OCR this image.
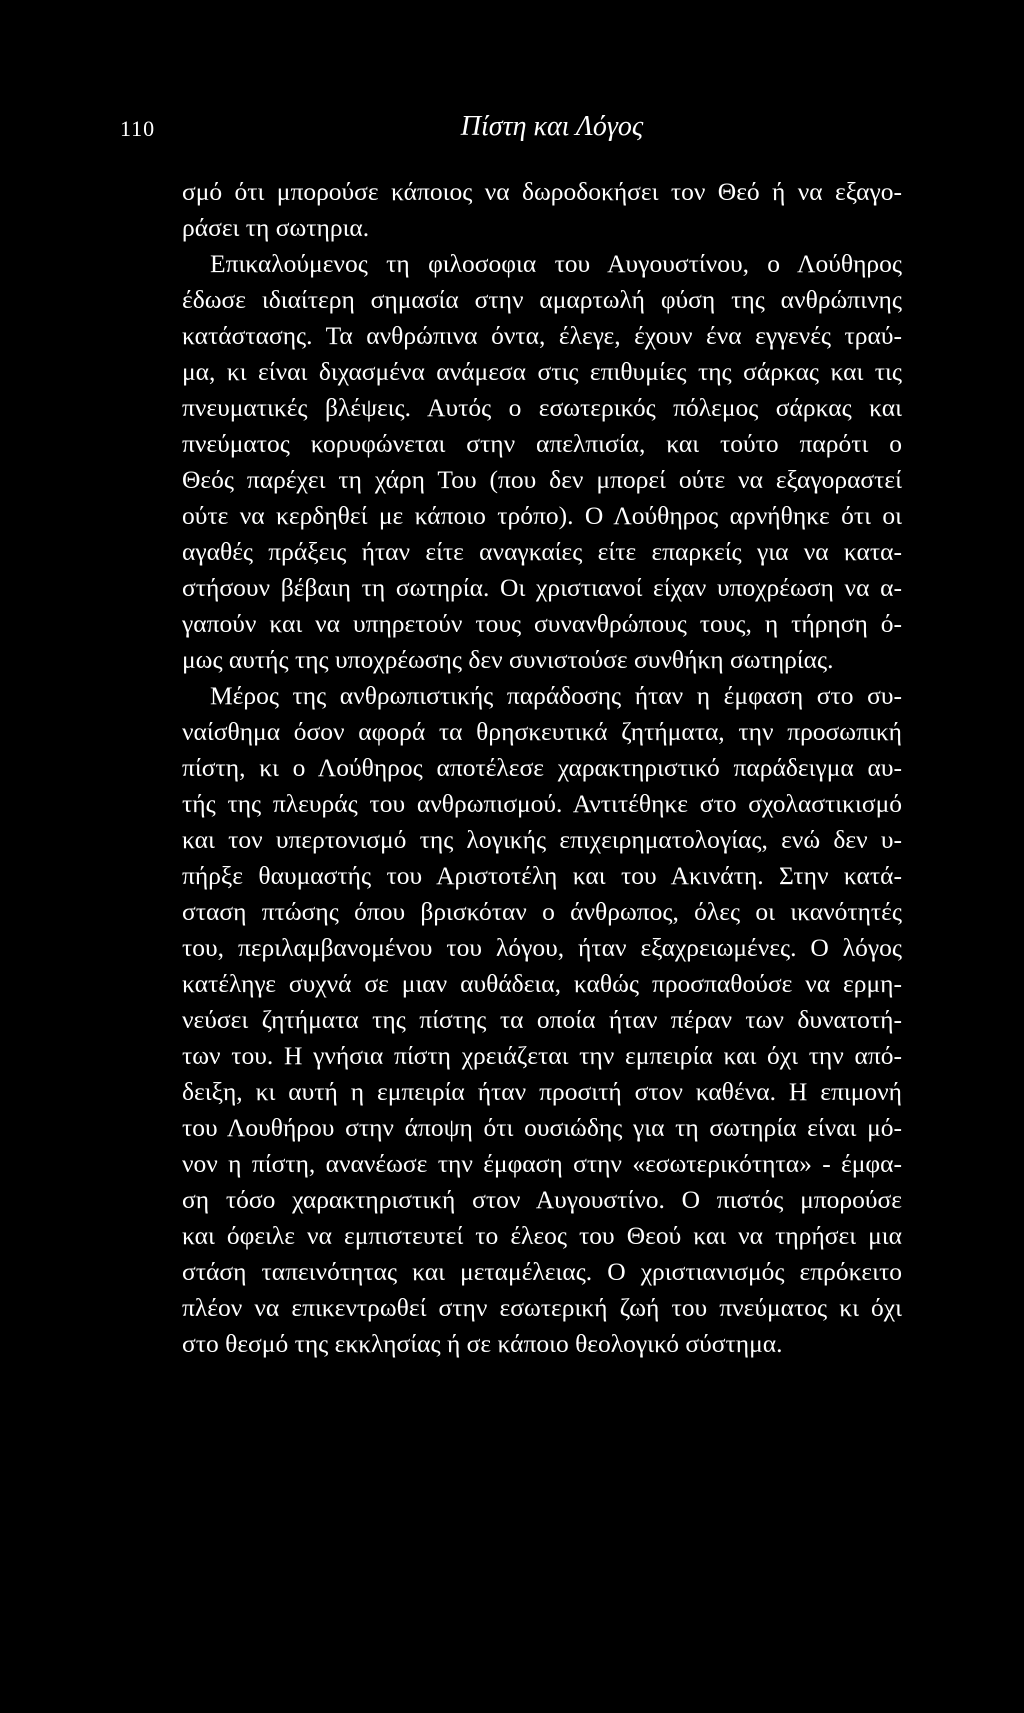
110	Πίστη και Λόγος
σμό ότι μπορούσε κάποιος να δωροδοκήσει τον Θεό ή να εξαγο-
ράσει τη σωτηρια.
Επικαλούμενος τη φιλοσοφια του Αυγουστίνου, ο Λούθηρος
έδωσε ιδιαίτερη σημασία στην αμαρτωλή φύση της ανθρώπινης
κατάστασης. Τα ανθρώπινα όντα, έλεγε, έχουν ένα εγγενές τραύ-
μα, κι είναι διχασμένα ανάμεσα στις επιθυμίες της σάρκας και τις
πνευματικές βλέψεις. Αυτός ο εσωτερικός πόλεμος σάρκας και
πνεύματος κορυφώνεται στην απελπισία, και τούτο παρότι ο
Θεός παρέχει τη χάρη Του (που δεν μπορεί ούτε να εξαγοραστεί
ούτε να κερδηθεί με κάποιο τρόπο). Ο Λούθηρος αρνήθηκε ότι οι
αγαθές πράξεις ήταν είτε αναγκαίες είτε επαρκείς για να κατα-
στήσουν βέβαιη τη σωτηρία. Οι χριστιανοί είχαν υποχρέωση να α-
γαπούν και να υπηρετούν τους συνανθρώπους τους, η τήρηση ό-
μως αυτής της υποχρέωσης δεν συνιστούσε συνθήκη σωτηρίας.
Μέρος της ανθρωπιστικής παράδοσης ήταν η έμφαση στο συ-
ναίσθημα όσον αφορά τα θρησκευτικά ζητήματα, την προσωπική
πίστη, κι ο Λούθηρος αποτέλεσε χαρακτηριστικό παράδειγμα αυ-
τής της πλευράς του ανθρωπισμού. Αντιτέθηκε στο σχολαστικισμό
και τον υπερτονισμό της λογικής επιχειρηματολογίας, ενώ δεν υ-
πήρξε θαυμαστής του Αριστοτέλη και του Ακινάτη. Στην κατά-
σταση πτώσης όπου βρισκόταν ο άνθρωπος, όλες οι ικανότητές
του, περιλαμβανομένου του λόγου, ήταν εξαχρειωμένες. Ο λόγος
κατέληγε συχνά σε μιαν αυθάδεια, καθώς προσπαθούσε να ερμη-
νεύσει ζητήματα της πίστης τα οποία ήταν πέραν των δυνατοτή-
των του. Η γνήσια πίστη χρειάζεται την εμπειρία και όχι την από-
δειξη, κι αυτή η εμπειρία ήταν προσιτή στον καθένα. Η επιμονή
του Λουθήρου στην άποψη ότι ουσιώδης για τη σωτηρία είναι μό-
νον η πίστη, ανανέωσε την έμφαση στην «εσωτερικότητα» - έμφα-
ση τόσο χαρακτηριστική στον Αυγουστίνο. Ο πιστός μπορούσε
και όφειλε να εμπιστευτεί το έλεος του Θεού και να τηρήσει μια
στάση ταπεινότητας και μεταμέλειας. Ο χριστιανισμός επρόκειτο
πλέον να επικεντρωθεί στην εσωτερική ζωή του πνεύματος κι όχι
στο θεσμό της εκκλησίας ή σε κάποιο θεολογικό σύστημα.
